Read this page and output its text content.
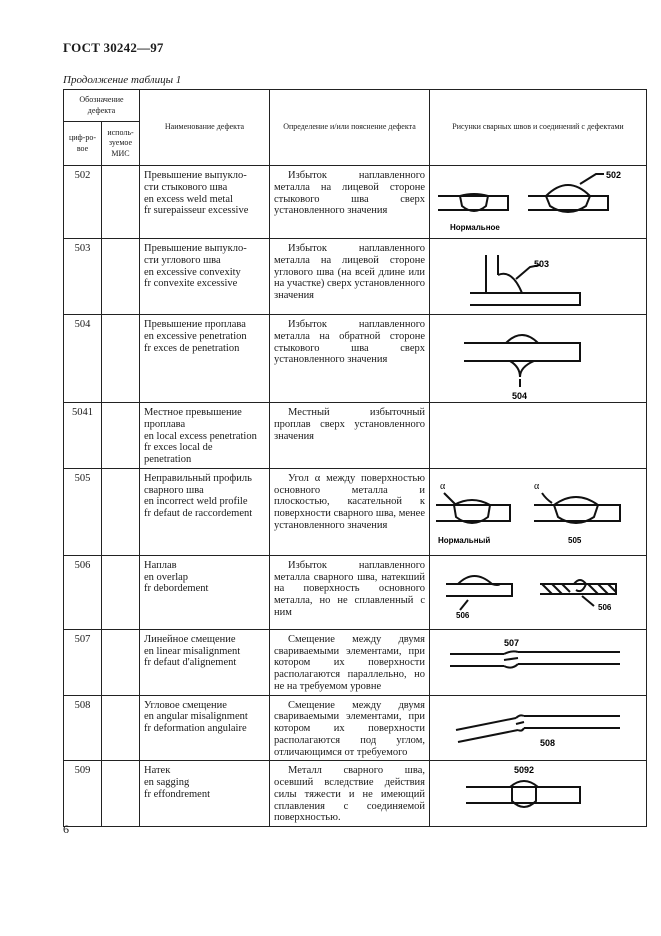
ГОСТ 30242—97
Продолжение таблицы 1
Обозначение дефекта		Наименование дефекта	Определение и/или пояснение дефекта	Рисунки сварных швов и соединений с дефектами
циф-ро-вое	исполь-зуемое МИС			
502		Превышение выпукло-
сти стыкового шва
en excess weld metal
fr surepaisseur excessive	Избыток наплавленного металла на лицевой стороне стыкового шва сверх установленного значения	502
Нормальное

503		Превышение выпукло-
сти углового шва
en excessive convexity
fr convexite excessive	Избыток наплавленного металла на лицевой стороне углового шва (на всей длине или на участке) сверх установленного значения	503

504		Превышение проплава
en excessive penetration
fr exces de penetration	Избыток наплавленного металла на обратной стороне стыкового шва сверх установленного значения	504

5041		Местное превышение
проплава
en local excess penetration
fr exces local de
penetration	Местный избыточный проплав сверх установленного значения	
505		Неправильный профиль
сварного шва
en incorrect weld profile
fr defaut de raccordement	Угол α между поверхностью основного металла и плоскостью, касательной к поверхности сварного шва, менее установленного значения	α α
Нормальный 505

506		Наплав
en overlap
fr debordement	Избыток наплавленного металла сварного шва, натекший на поверхность основного металла, но не сплавленный с ним	506
506

507		Линейное смещение
en linear misalignment
fr defaut d'alignement	Смещение между двумя свариваемыми элементами, при котором их поверхности располагаются параллельно, но не на требуемом уровне	507

508		Угловое смещение
en angular misalignment
fr deformation angulaire	Смещение между двумя свариваемыми элементами, при котором их поверхности располагаются под углом, отличающимся от требуемого	508

509		Натек
en sagging
fr effondrement	Металл сварного шва, осевший вследствие действия силы тяжести и не имеющий сплавления с соединяемой поверхностью.	5092
6
